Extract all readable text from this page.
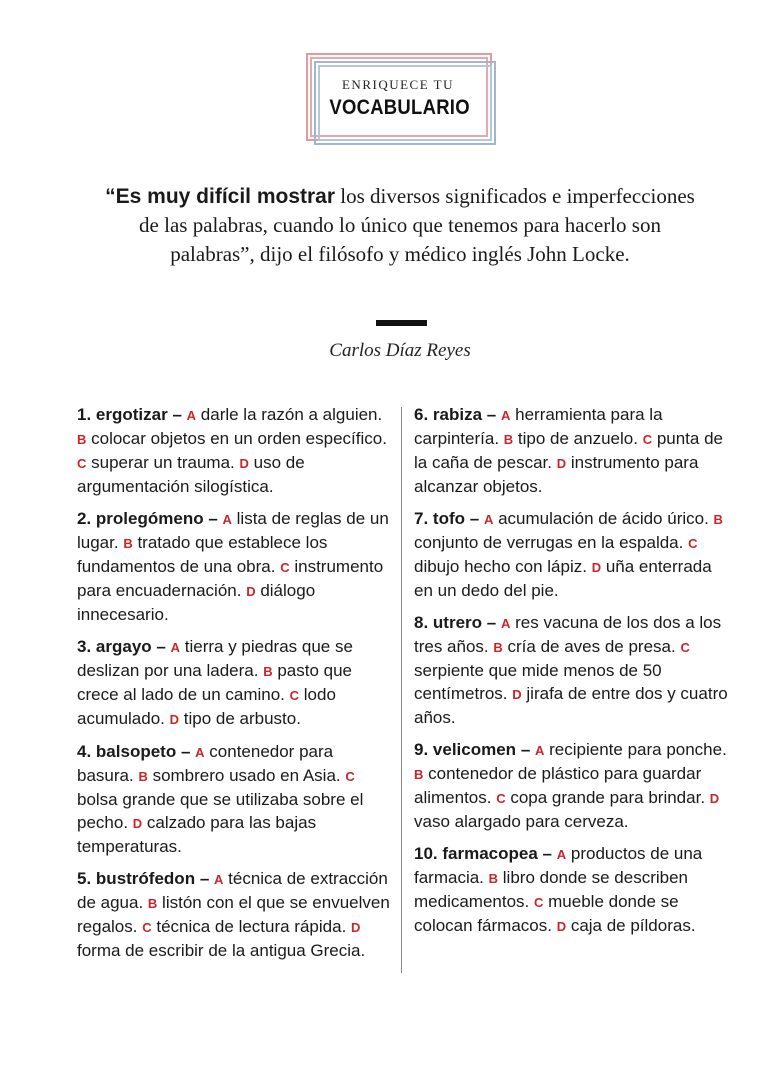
ENRIQUECE TU
VOCABULARIO
“Es muy difícil mostrar los diversos significados e imperfecciones de las palabras, cuando lo único que tenemos para hacerlo son palabras”, dijo el filósofo y médico inglés John Locke.
Carlos Díaz Reyes

1. ergotizar – A darle la razón a alguien. B colocar objetos en un orden específico. C superar un trauma. D uso de argumentación silogística.

2. prolegómeno – A lista de reglas de un lugar. B tratado que establece los fundamentos de una obra. C instrumento para encuadernación. D diálogo innecesario.

3. argayo – A tierra y piedras que se deslizan por una ladera. B pasto que crece al lado de un camino. C lodo acumulado. D tipo de arbusto.

4. balsopeto – A contenedor para basura. B sombrero usado en Asia. C bolsa grande que se utilizaba sobre el pecho. D calzado para las bajas temperaturas.

5. bustrófedon – A técnica de extracción de agua. B listón con el que se envuelven regalos. C técnica de lectura rápida. D forma de escribir de la antigua Grecia.

6. rabiza – A herramienta para la carpintería. B tipo de anzuelo. C punta de la caña de pescar. D instrumento para alcanzar objetos.

7. tofo – A acumulación de ácido úrico. B conjunto de verrugas en la espalda. C dibujo hecho con lápiz. D uña enterrada en un dedo del pie.

8. utrero – A res vacuna de los dos a los tres años. B cría de aves de presa. C serpiente que mide menos de 50 centímetros. D jirafa de entre dos y cuatro años.

9. velicomen – A recipiente para ponche. B contenedor de plástico para guardar alimentos. C copa grande para brindar. D vaso alargado para cerveza.

10. farmacopea – A productos de una farmacia. B libro donde se describen medicamentos. C mueble donde se colocan fármacos. D caja de píldoras.
